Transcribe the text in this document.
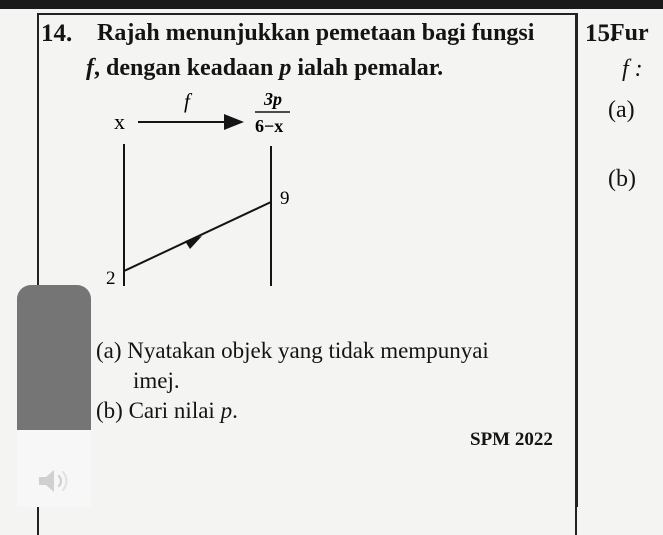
14. Rajah menunjukkan pemetaan bagi fungsi
f, dengan keadaan p ialah pemalar.
x
f	3p
6−x
2
9
(a) Nyatakan objek yang tidak mempunyai
imej.
(b) Cari nilai p.
SPM 2022
15.
Fur
f :
(a)
(b)
